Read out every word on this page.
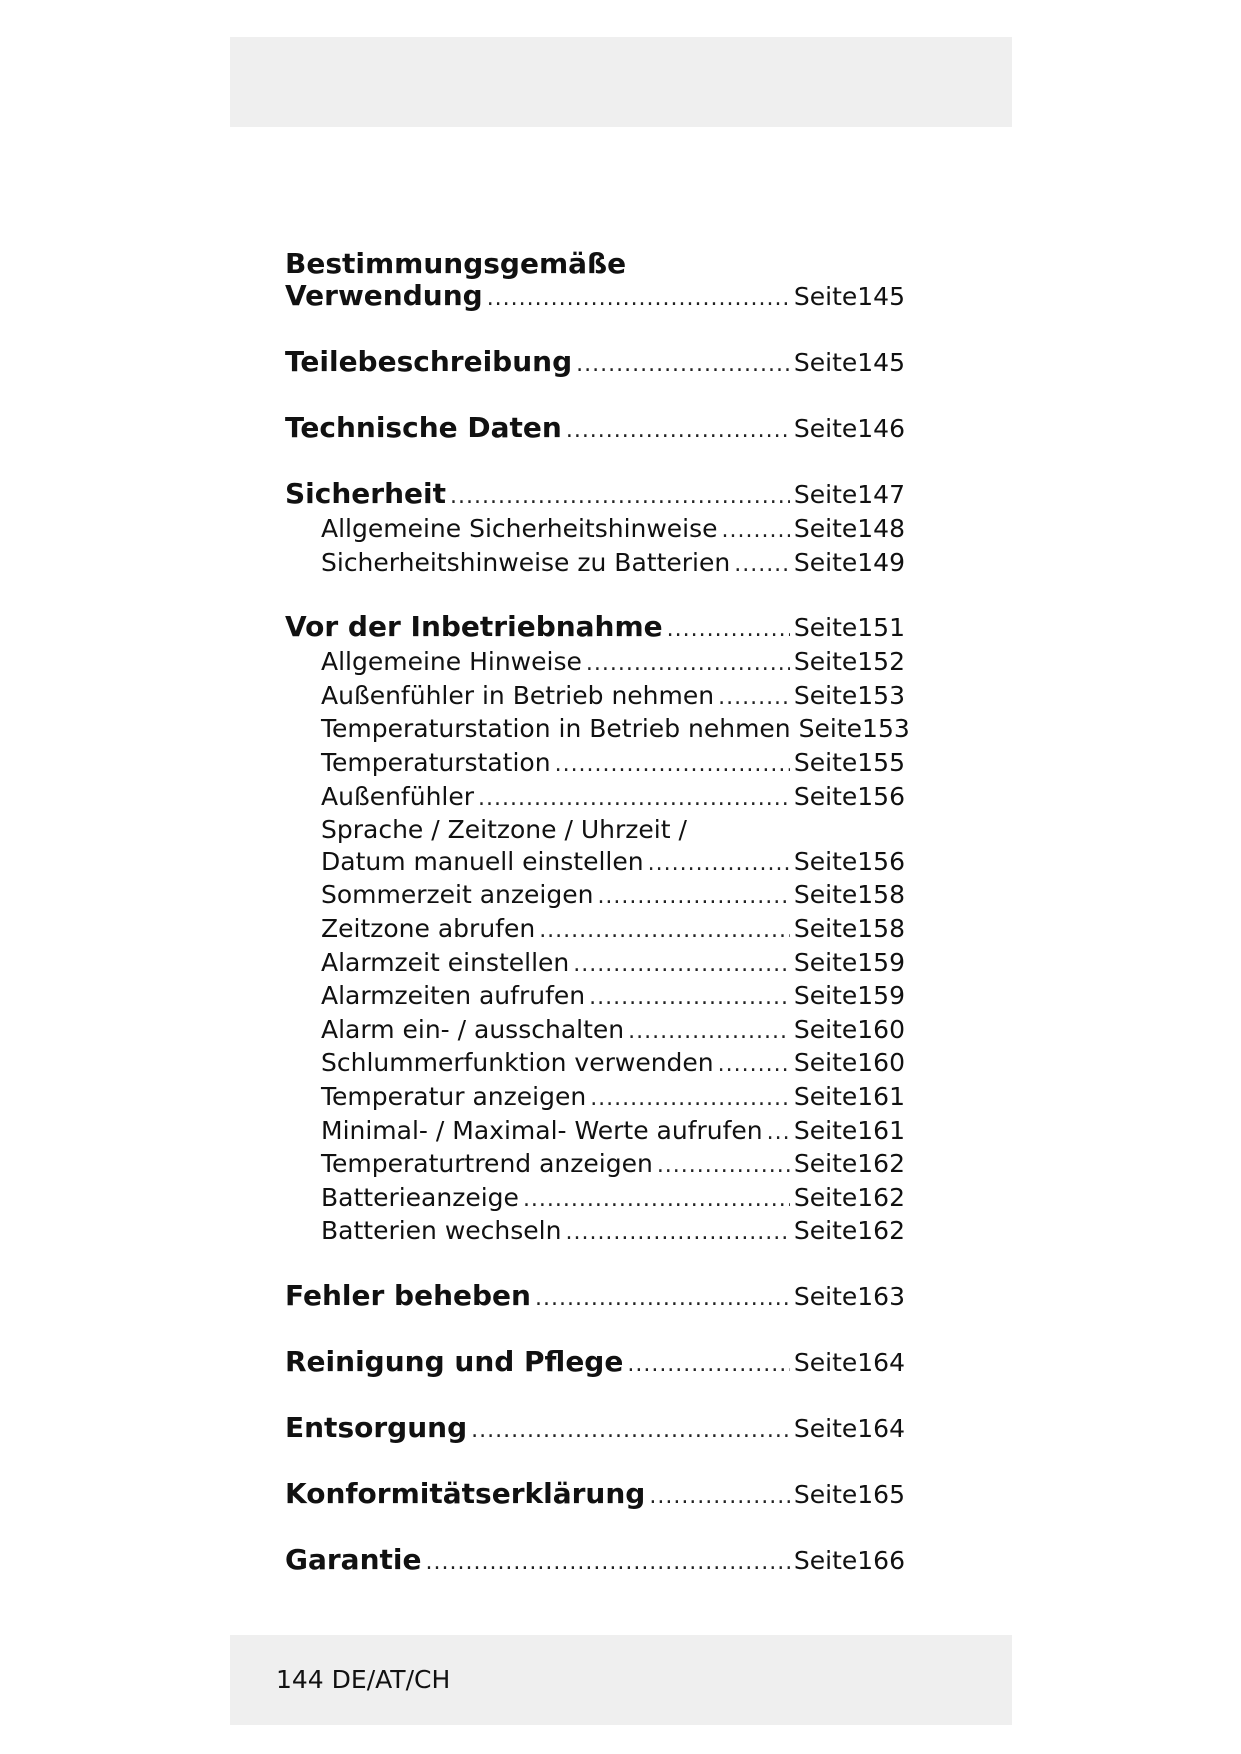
Bestimmungsgemäße
Verwendung .....	Seite 145
Teilebeschreibung .....	Seite 145
Technische Daten .....	Seite 146
Sicherheit .....	Seite 147
Allgemeine Sicherheitshinweise .....	Seite 148
Sicherheitshinweise zu Batterien .....	Seite 149
Vor der Inbetriebnahme .....	Seite 151
Allgemeine Hinweise .....	Seite 152
Außenfühler in Betrieb nehmen .....	Seite 153
Temperaturstation in Betrieb nehmen Seite 153
Temperaturstation .....	Seite 155
Außenfühler .....	Seite 156
Sprache / Zeitzone / Uhrzeit /
Datum manuell einstellen .....	Seite 156
Sommerzeit anzeigen .....	Seite 158
Zeitzone abrufen .....	Seite 158
Alarmzeit einstellen .....	Seite 159
Alarmzeiten aufrufen .....	Seite 159
Alarm ein- / ausschalten .....	Seite 160
Schlummerfunktion verwenden .....	Seite 160
Temperatur anzeigen .....	Seite 161
Minimal- / Maximal- Werte aufrufen ..... Seite 161
Temperaturtrend anzeigen .....	Seite 162
Batterieanzeige .....	Seite 162
Batterien wechseln .....	Seite 162
Fehler beheben .....	Seite 163
Reinigung und Pflege .....	Seite 164
Entsorgung .....	Seite 164
Konformitätserklärung .....	Seite 165
Garantie .....	Seite 166
144 DE/AT/CH
